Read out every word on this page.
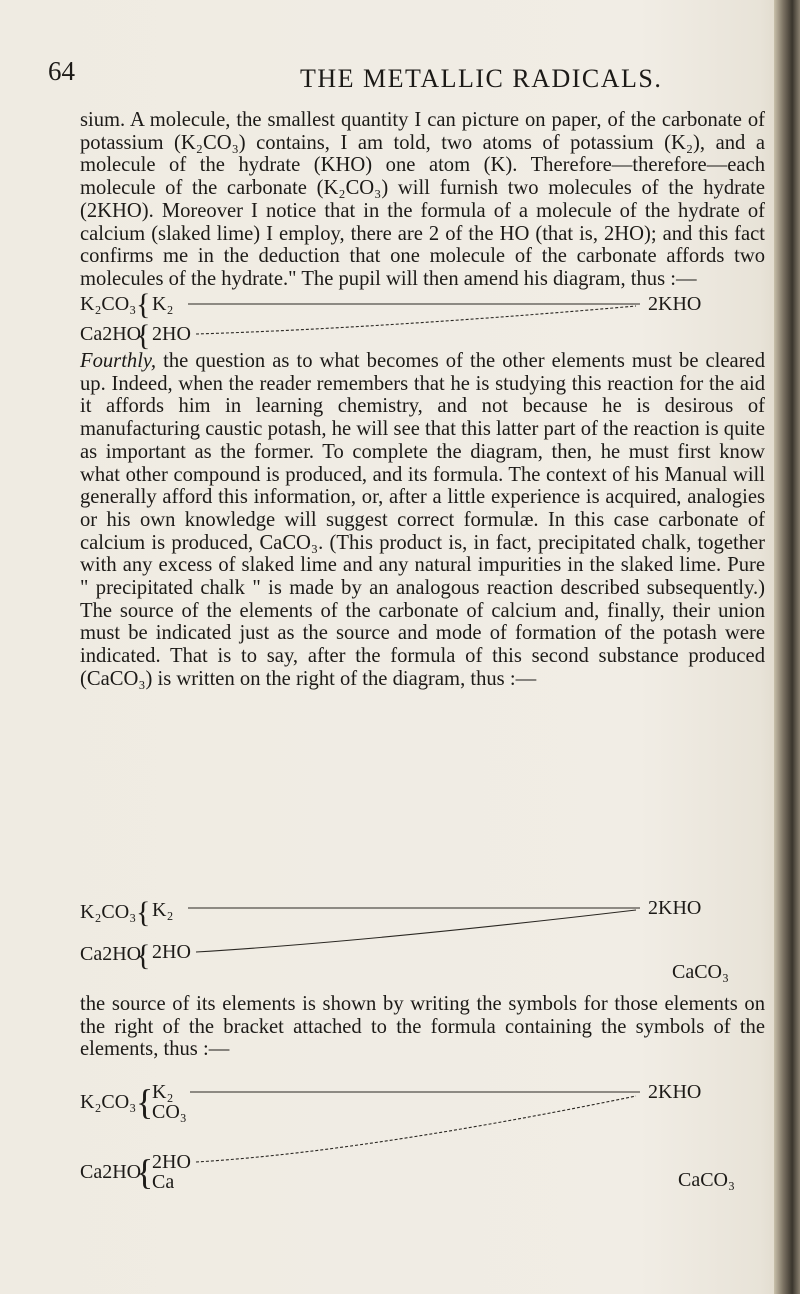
64	THE METALLIC RADICALS.

sium. A molecule, the smallest quantity I can picture on paper, of the carbonate of potassium (K₂CO₃) contains, I am told, two atoms of potassium (K₂), and a molecule of the hydrate (KHO) one atom (K). Therefore—therefore—each molecule of the carbonate (K₂CO₃) will furnish two molecules of the hydrate (2KHO). Moreover I notice that in the formula of a molecule of the hydrate of calcium (slaked lime) I employ, there are 2 of the HO (that is, 2HO); and this fact confirms me in the deduction that one molecule of the carbonate affords two molecules of the hydrate." The pupil will then amend his diagram, thus :—

K₂CO₃ { K₂	2KHO
Ca2HO
{ 2HO

Fourthly, the question as to what becomes of the other elements must be cleared up. Indeed, when the reader remembers that he is studying this reaction for the aid it affords him in learning chemistry, and not because he is desirous of manufacturing caustic potash, he will see that this latter part of the reaction is quite as important as the former. To complete the diagram, then, he must first know what other compound is produced, and its formula. The context of his Manual will generally afford this information, or, after a little experience is acquired, analogies or his own knowledge will suggest correct formulæ. In this case carbonate of calcium is produced, CaCO₃. (This product is, in fact, precipitated chalk, together with any excess of slaked lime and any natural impurities in the slaked lime. Pure " precipitated chalk " is made by an analogous reaction described subsequently.) The source of the elements of the carbonate of calcium and, finally, their union must be indicated just as the source and mode of formation of the potash were indicated. That is to say, after the formula of this second substance produced (CaCO₃) is written on the right of the diagram, thus :—

K₂CO₃ { K₂	2KHO
Ca2HO
{ 2HO
CaCO₃

the source of its elements is shown by writing the symbols for those elements on the right of the bracket attached to the formula containing the symbols of the elements, thus :—

K₂CO₃ {
K₂
CO₃
2KHO
Ca2HO
{
2HO
Ca	CaCO₃
